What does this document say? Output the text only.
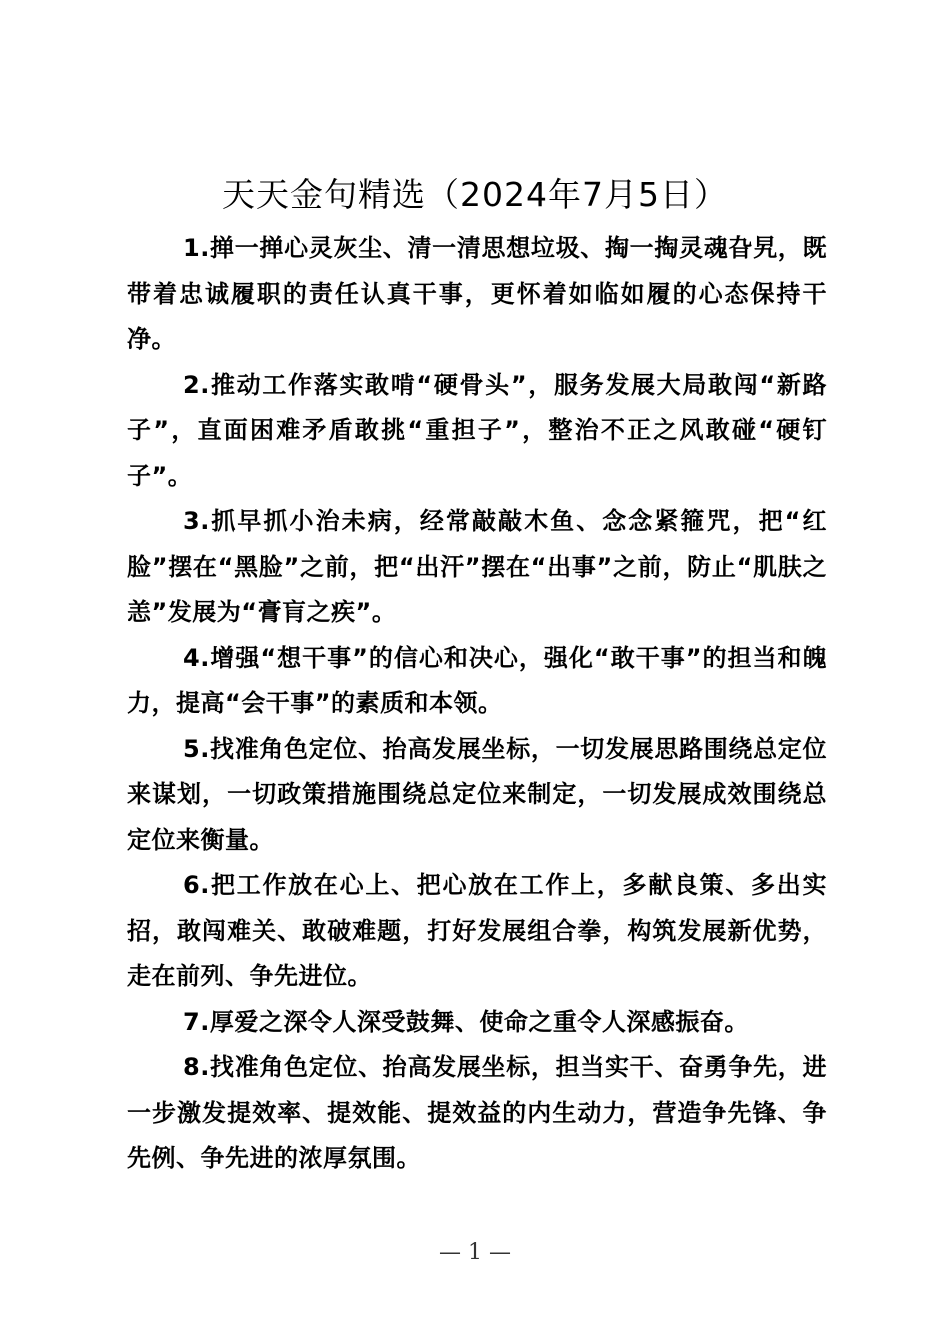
天天金句精选（2024年7月5日）

1.掸一掸心灵灰尘、清一清思想垃圾、掏一掏灵魂旮旯，既带着忠诚履职的责任认真干事，更怀着如临如履的心态保持干净。

2.推动工作落实敢啃“硬骨头”，服务发展大局敢闯“新路子”，直面困难矛盾敢挑“重担子”，整治不正之风敢碰“硬钉子”。

3.抓早抓小治未病，经常敲敲木鱼、念念紧箍咒，把“红脸”摆在“黑脸”之前，把“出汗”摆在“出事”之前，防止“肌肤之恙”发展为“膏肓之疾”。

4.增强“想干事”的信心和决心，强化“敢干事”的担当和魄力，提高“会干事”的素质和本领。

5.找准角色定位、抬高发展坐标，一切发展思路围绕总定位来谋划，一切政策措施围绕总定位来制定，一切发展成效围绕总定位来衡量。

6.把工作放在心上、把心放在工作上，多献良策、多出实招，敢闯难关、敢破难题，打好发展组合拳，构筑发展新优势，走在前列、争先进位。

7.厚爱之深令人深受鼓舞、使命之重令人深感振奋。

8.找准角色定位、抬高发展坐标，担当实干、奋勇争先，进一步激发提效率、提效能、提效益的内生动力，营造争先锋、争先例、争先进的浓厚氛围。

— 1 —
